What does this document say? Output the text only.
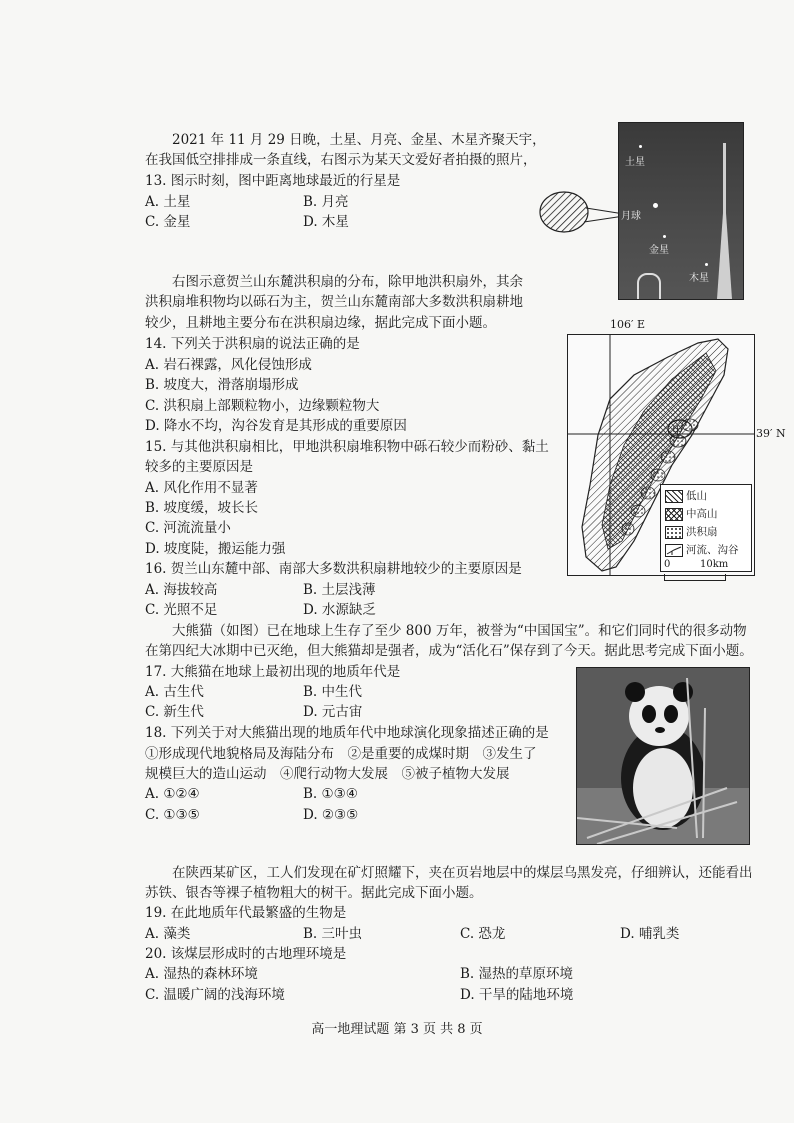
2021 年 11 月 29 日晚，土星、月亮、金星、木星齐聚天宇，
在我国低空排排成一条直线，右图示为某天文爱好者拍摄的照片，
13. 图示时刻，图中距离地球最近的行星是
A. 土星	B. 月亮
C. 金星	D. 木星
土星
月球
金星
木星
右图示意贺兰山东麓洪积扇的分布，除甲地洪积扇外，其余
洪积扇堆积物均以砾石为主，贺兰山东麓南部大多数洪积扇耕地
较少，且耕地主要分布在洪积扇边缘，据此完成下面小题。
14. 下列关于洪积扇的说法正确的是
A. 岩石裸露，风化侵蚀形成
B. 坡度大，滑落崩塌形成
C. 洪积扇上部颗粒物小，边缘颗粒物大
D. 降水不均，沟谷发育是其形成的重要原因
15. 与其他洪积扇相比，甲地洪积扇堆积物中砾石较少而粉砂、黏土
较多的主要原因是
A. 风化作用不显著
B. 坡度缓，坡长长
C. 河流流量小
D. 坡度陡，搬运能力强
16. 贺兰山东麓中部、南部大多数洪积扇耕地较少的主要原因是
A. 海拔较高	B. 土层浅薄
C. 光照不足	D. 水源缺乏
106′ E
甲	39′ N
低山
中高山
洪积扇
河流、沟谷
0	10km
大熊猫（如图）已在地球上生存了至少 800 万年，被誉为“中国国宝”。和它们同时代的很多动物
在第四纪大冰期中已灭绝，但大熊猫却是强者，成为“活化石”保存到了今天。据此思考完成下面小题。
17. 大熊猫在地球上最初出现的地质年代是
A. 古生代	B. 中生代
C. 新生代	D. 元古宙
18. 下列关于对大熊猫出现的地质年代中地球演化现象描述正确的是
①形成现代地貌格局及海陆分布　②是重要的成煤时期　③发生了
规模巨大的造山运动　④爬行动物大发展　⑤被子植物大发展
A. ①②④	B. ①③④
C. ①③⑤	D. ②③⑤
在陕西某矿区，工人们发现在矿灯照耀下，夹在页岩地层中的煤层乌黑发亮，仔细辨认，还能看出
苏铁、银杏等裸子植物粗大的树干。据此完成下面小题。
19. 在此地质年代最繁盛的生物是
A. 藻类	B. 三叶虫	C. 恐龙	D. 哺乳类
20. 该煤层形成时的古地理环境是
A. 湿热的森林环境	B. 湿热的草原环境
C. 温暖广阔的浅海环境	D. 干旱的陆地环境
高一地理试题 第 3 页 共 8 页
